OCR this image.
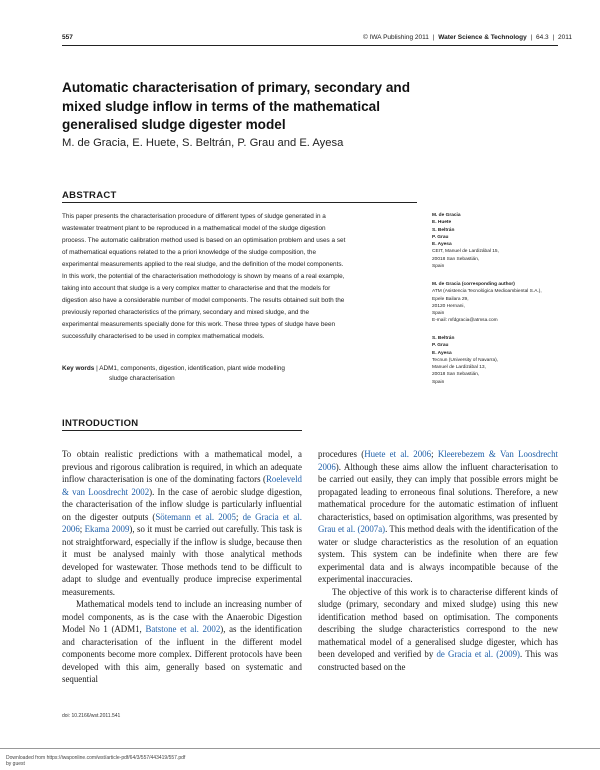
557	© IWA Publishing 2011 | Water Science & Technology | 64.3 | 2011
Automatic characterisation of primary, secondary and mixed sludge inflow in terms of the mathematical generalised sludge digester model
M. de Gracia, E. Huete, S. Beltrán, P. Grau and E. Ayesa
ABSTRACT
This paper presents the characterisation procedure of different types of sludge generated in a
wastewater treatment plant to be reproduced in a mathematical model of the sludge digestion
process. The automatic calibration method used is based on an optimisation problem and uses a set
of mathematical equations related to the a priori knowledge of the sludge composition, the
experimental measurements applied to the real sludge, and the definition of the model components.
In this work, the potential of the characterisation methodology is shown by means of a real example,
taking into account that sludge is a very complex matter to characterise and that the models for
digestion also have a considerable number of model components. The results obtained suit both the
previously reported characteristics of the primary, secondary and mixed sludge, and the
experimental measurements specially done for this work. These three types of sludge have been
successfully characterised to be used in complex mathematical models.
Key words | ADM1, components, digestion, identification, plant wide modelling
sludge characterisation
M. de Gracia
E. Huete
S. Beltrán
P. Grau
E. Ayesa
CEIT, Manuel de Lardizábal 15,
20018 San Sebastián,
Spain
M. de Gracia (corresponding author)
ATM (Asistencia Tecnológica Medioambiental S.A.),
Epele Bailara 29,
20120 Hernani,
Spain
E-mail: mfdgracia@atmsa.com
S. Beltrán
P. Grau
E. Ayesa
Tecnun (University of Navarra),
Manuel de Lardizábal 13,
20018 San Sebastián,
Spain
INTRODUCTION

To obtain realistic predictions with a mathematical model, a previous and rigorous calibration is required, in which an adequate inflow characterisation is one of the dominating factors (Roeleveld & van Loosdrecht 2002). In the case of aerobic sludge digestion, the characterisation of the inflow sludge is particularly influential on the digester outputs (Sötemann et al. 2005; de Gracia et al. 2006; Ekama 2009), so it must be carried out carefully. This task is not straightforward, especially if the inflow is sludge, because then it must be analysed mainly with those analytical methods developed for wastewater. Those methods tend to be difficult to adapt to sludge and eventually produce imprecise experimental measurements.

Mathematical models tend to include an increasing number of model components, as is the case with the Anaerobic Digestion Model No 1 (ADM1, Batstone et al. 2002), as the identification and characterisation of the influent in the different model components become more complex. Different protocols have been developed with this aim, generally based on systematic and sequential

procedures (Huete et al. 2006; Kleerebezem & Van Loosdrecht 2006). Although these aims allow the influent characterisation to be carried out easily, they can imply that possible errors might be propagated leading to erroneous final solutions. Therefore, a new mathematical procedure for the automatic estimation of influent characteristics, based on optimisation algorithms, was presented by Grau et al. (2007a). This method deals with the identification of the water or sludge characteristics as the resolution of an equation system. This system can be indefinite when there are few experimental data and is always incompatible because of the experimental inaccuracies.

The objective of this work is to characterise different kinds of sludge (primary, secondary and mixed sludge) using this new identification method based on optimisation. The components describing the sludge characteristics correspond to the new mathematical model of a generalised sludge digester, which has been developed and verified by de Gracia et al. (2009). This was constructed based on the

doi: 10.2166/wst.2011.541
Downloaded from https://iwaponline.com/wst/article-pdf/64/3/557/443419/557.pdf
by guest
